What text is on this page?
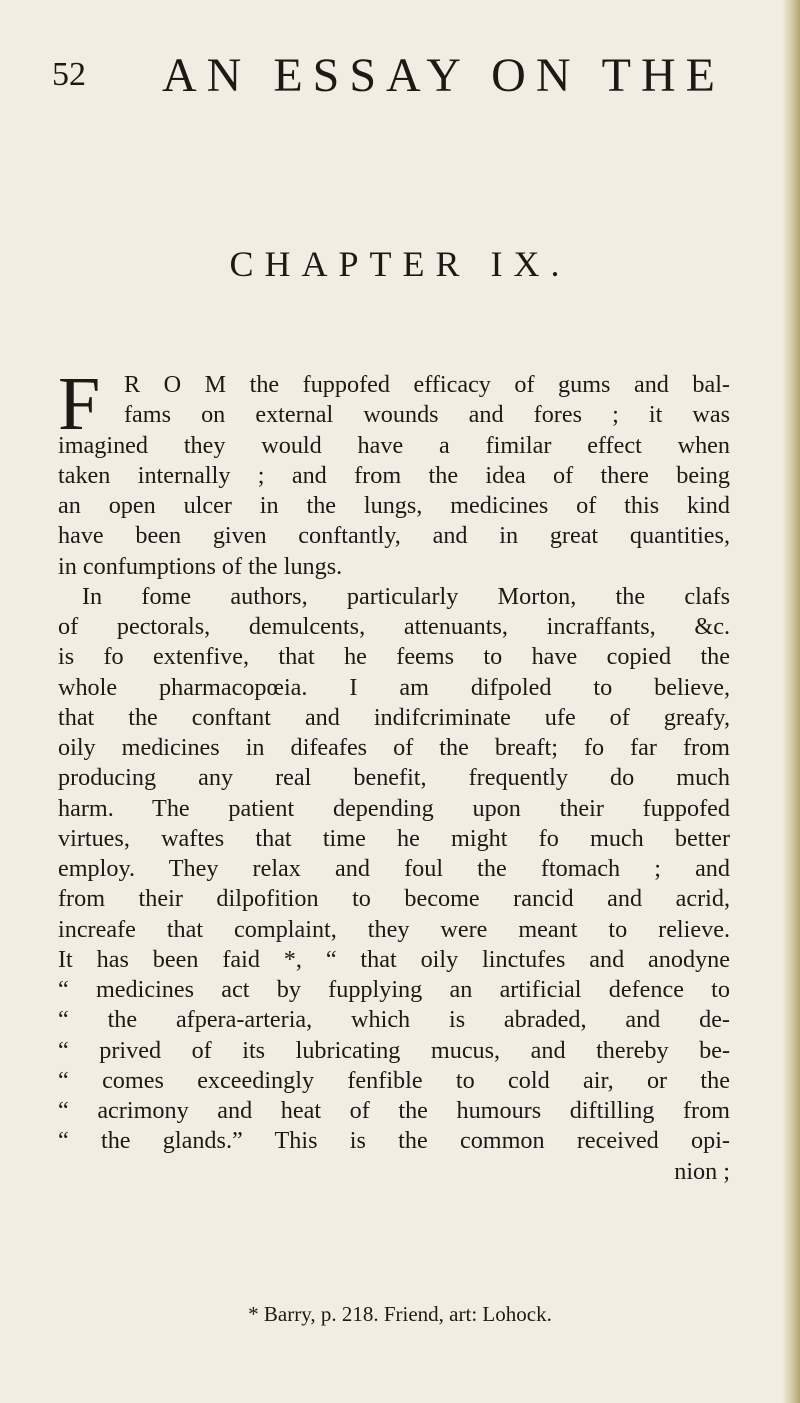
52 AN ESSAY ON THE
CHAPTER IX.
F R O M the fuppofed efficacy of gums and bal-
fams on external wounds and fores ; it was
imagined they would have a fimilar effect when
taken internally ; and from the idea of there being
an open ulcer in the lungs, medicines of this kind
have been given conftantly, and in great quantities,
in confumptions of the lungs.
In fome authors, particularly Morton, the clafs
of pectorals, demulcents, attenuants, incraffants, &c.
is fo extenfive, that he feems to have copied the
whole pharmacopœia. I am difpoled to believe,
that the conftant and indifcriminate ufe of greafy,
oily medicines in difeafes of the breaft; fo far from
producing any real benefit, frequently do much
harm. The patient depending upon their fuppofed
virtues, waftes that time he might fo much better
employ. They relax and foul the ftomach ; and
from their dilpofition to become rancid and acrid,
increafe that complaint, they were meant to relieve.
It has been faid *, “ that oily linctufes and anodyne
“ medicines act by fupplying an artificial defence to
“ the afpera-arteria, which is abraded, and de-
“ prived of its lubricating mucus, and thereby be-
“ comes exceedingly fenfible to cold air, or the
“ acrimony and heat of the humours diftilling from
“ the glands.” This is the common received opi-
nion ;
* Barry, p. 218. Friend, art: Lohock.
